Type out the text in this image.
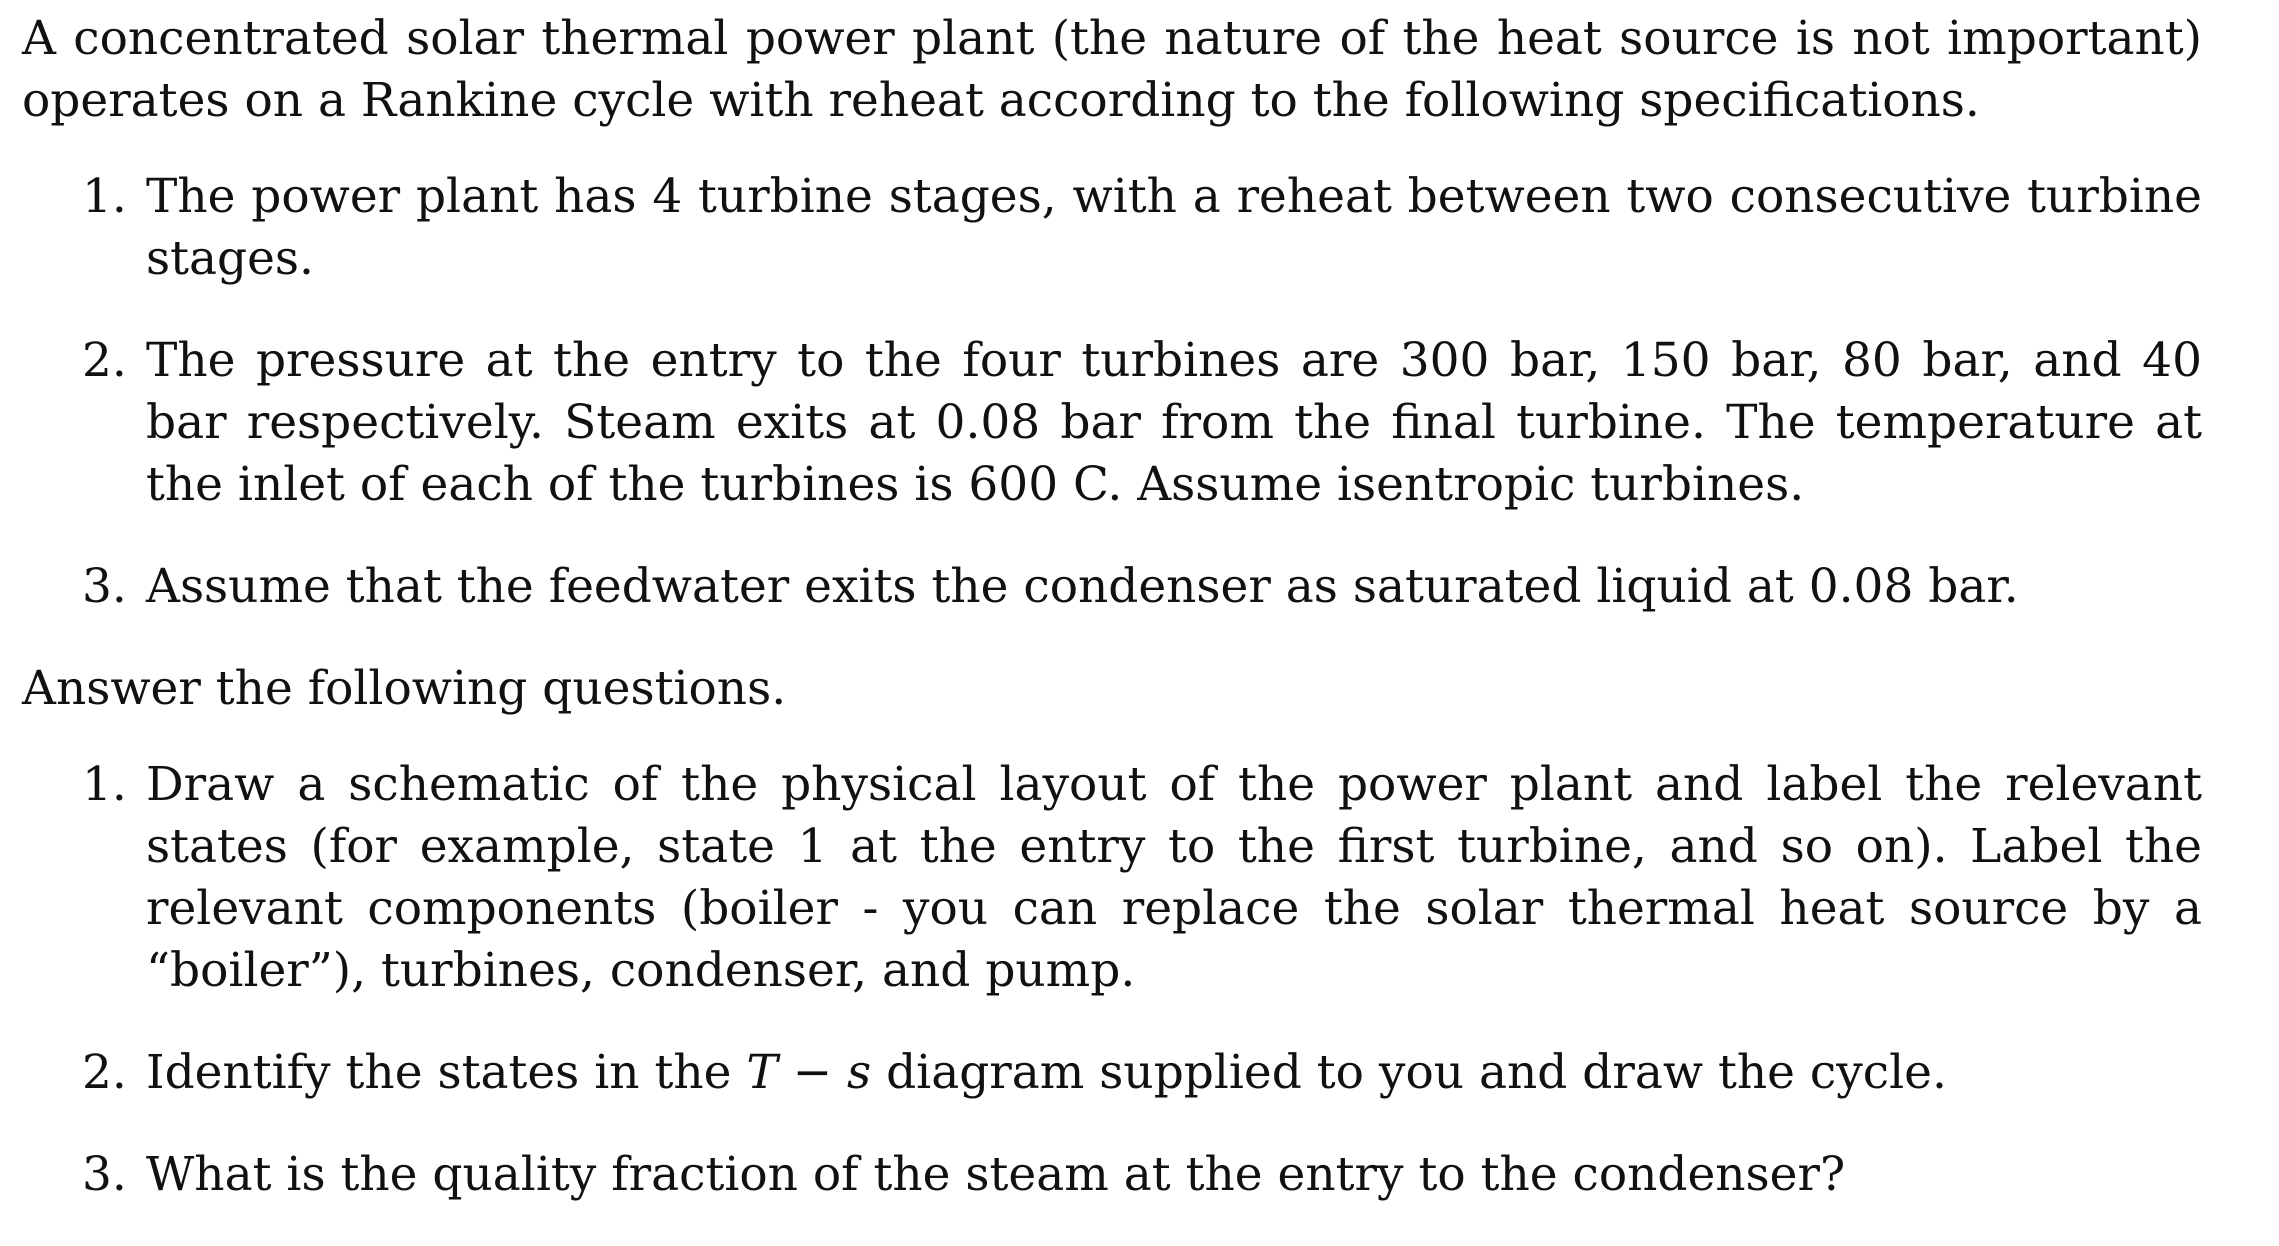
A concentrated solar thermal power plant (the nature of the heat source is not important) operates on a Rankine cycle with reheat according to the following specifications.

1. The power plant has 4 turbine stages, with a reheat between two consecutive turbine stages.
2. The pressure at the entry to the four turbines are 300 bar, 150 bar, 80 bar, and 40 bar respectively. Steam exits at 0.08 bar from the final turbine. The temperature at the inlet of each of the turbines is 600 C. Assume isentropic turbines.
3. Assume that the feedwater exits the condenser as saturated liquid at 0.08 bar.

Answer the following questions.

1. Draw a schematic of the physical layout of the power plant and label the relevant states (for example, state 1 at the entry to the first turbine, and so on). Label the relevant components (boiler - you can replace the solar thermal heat source by a “boiler”), turbines, condenser, and pump.
2. Identify the states in the T − s diagram supplied to you and draw the cycle.
3. What is the quality fraction of the steam at the entry to the condenser?
